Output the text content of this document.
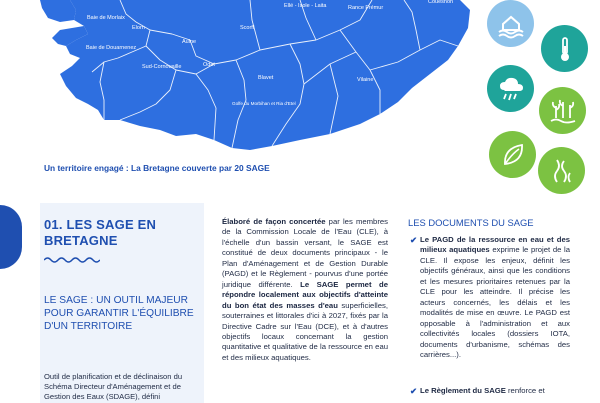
Baie de Morlaix
Elorn
Aulne
Baie de Douarnenez
Odet
Sud-Cornouaille
Ellé - Isole - Laita
Scorff
Blavet
Golfe du Morbihan et Ria d'Etel
Vilaine
Rance Frémur
Couesnon
Un territoire engagé : La Bretagne couverte par 20 SAGE
01. LES SAGE EN BRETAGNE
LE SAGE : UN OUTIL MAJEUR POUR GARANTIR L'ÉQUILIBRE D'UN TERRITOIRE
Outil de planification et de déclinaison du Schéma Directeur d'Aménagement et de Gestion des Eaux (SDAGE), défini
Élaboré de façon concertée par les membres de la Commission Locale de l'Eau (CLE), à l'échelle d'un bassin versant, le SAGE est constitué de deux documents principaux - le Plan d'Aménagement et de Gestion Durable (PAGD) et le Règlement - pourvus d'une portée juridique différente. Le SAGE permet de répondre localement aux objectifs d'atteinte du bon état des masses d'eau superficielles, souterraines et littorales d'ici à 2027, fixés par la Directive Cadre sur l'Eau (DCE), et à d'autres objectifs locaux concernant la gestion quantitative et qualitative de la ressource en eau et des milieux aquatiques.
LES DOCUMENTS DU SAGE
✔ Le PAGD de la ressource en eau et des milieux aquatiques exprime le projet de la CLE. Il expose les enjeux, définit les objectifs généraux, ainsi que les conditions et les mesures prioritaires retenues par la CLE pour les atteindre. Il précise les acteurs concernés, les délais et les modalités de mise en œuvre. Le PAGD est opposable à l'administration et aux collectivités locales (dossiers IOTA, documents d'urbanisme, schémas des carrières...).
✔ Le Règlement du SAGE renforce et
